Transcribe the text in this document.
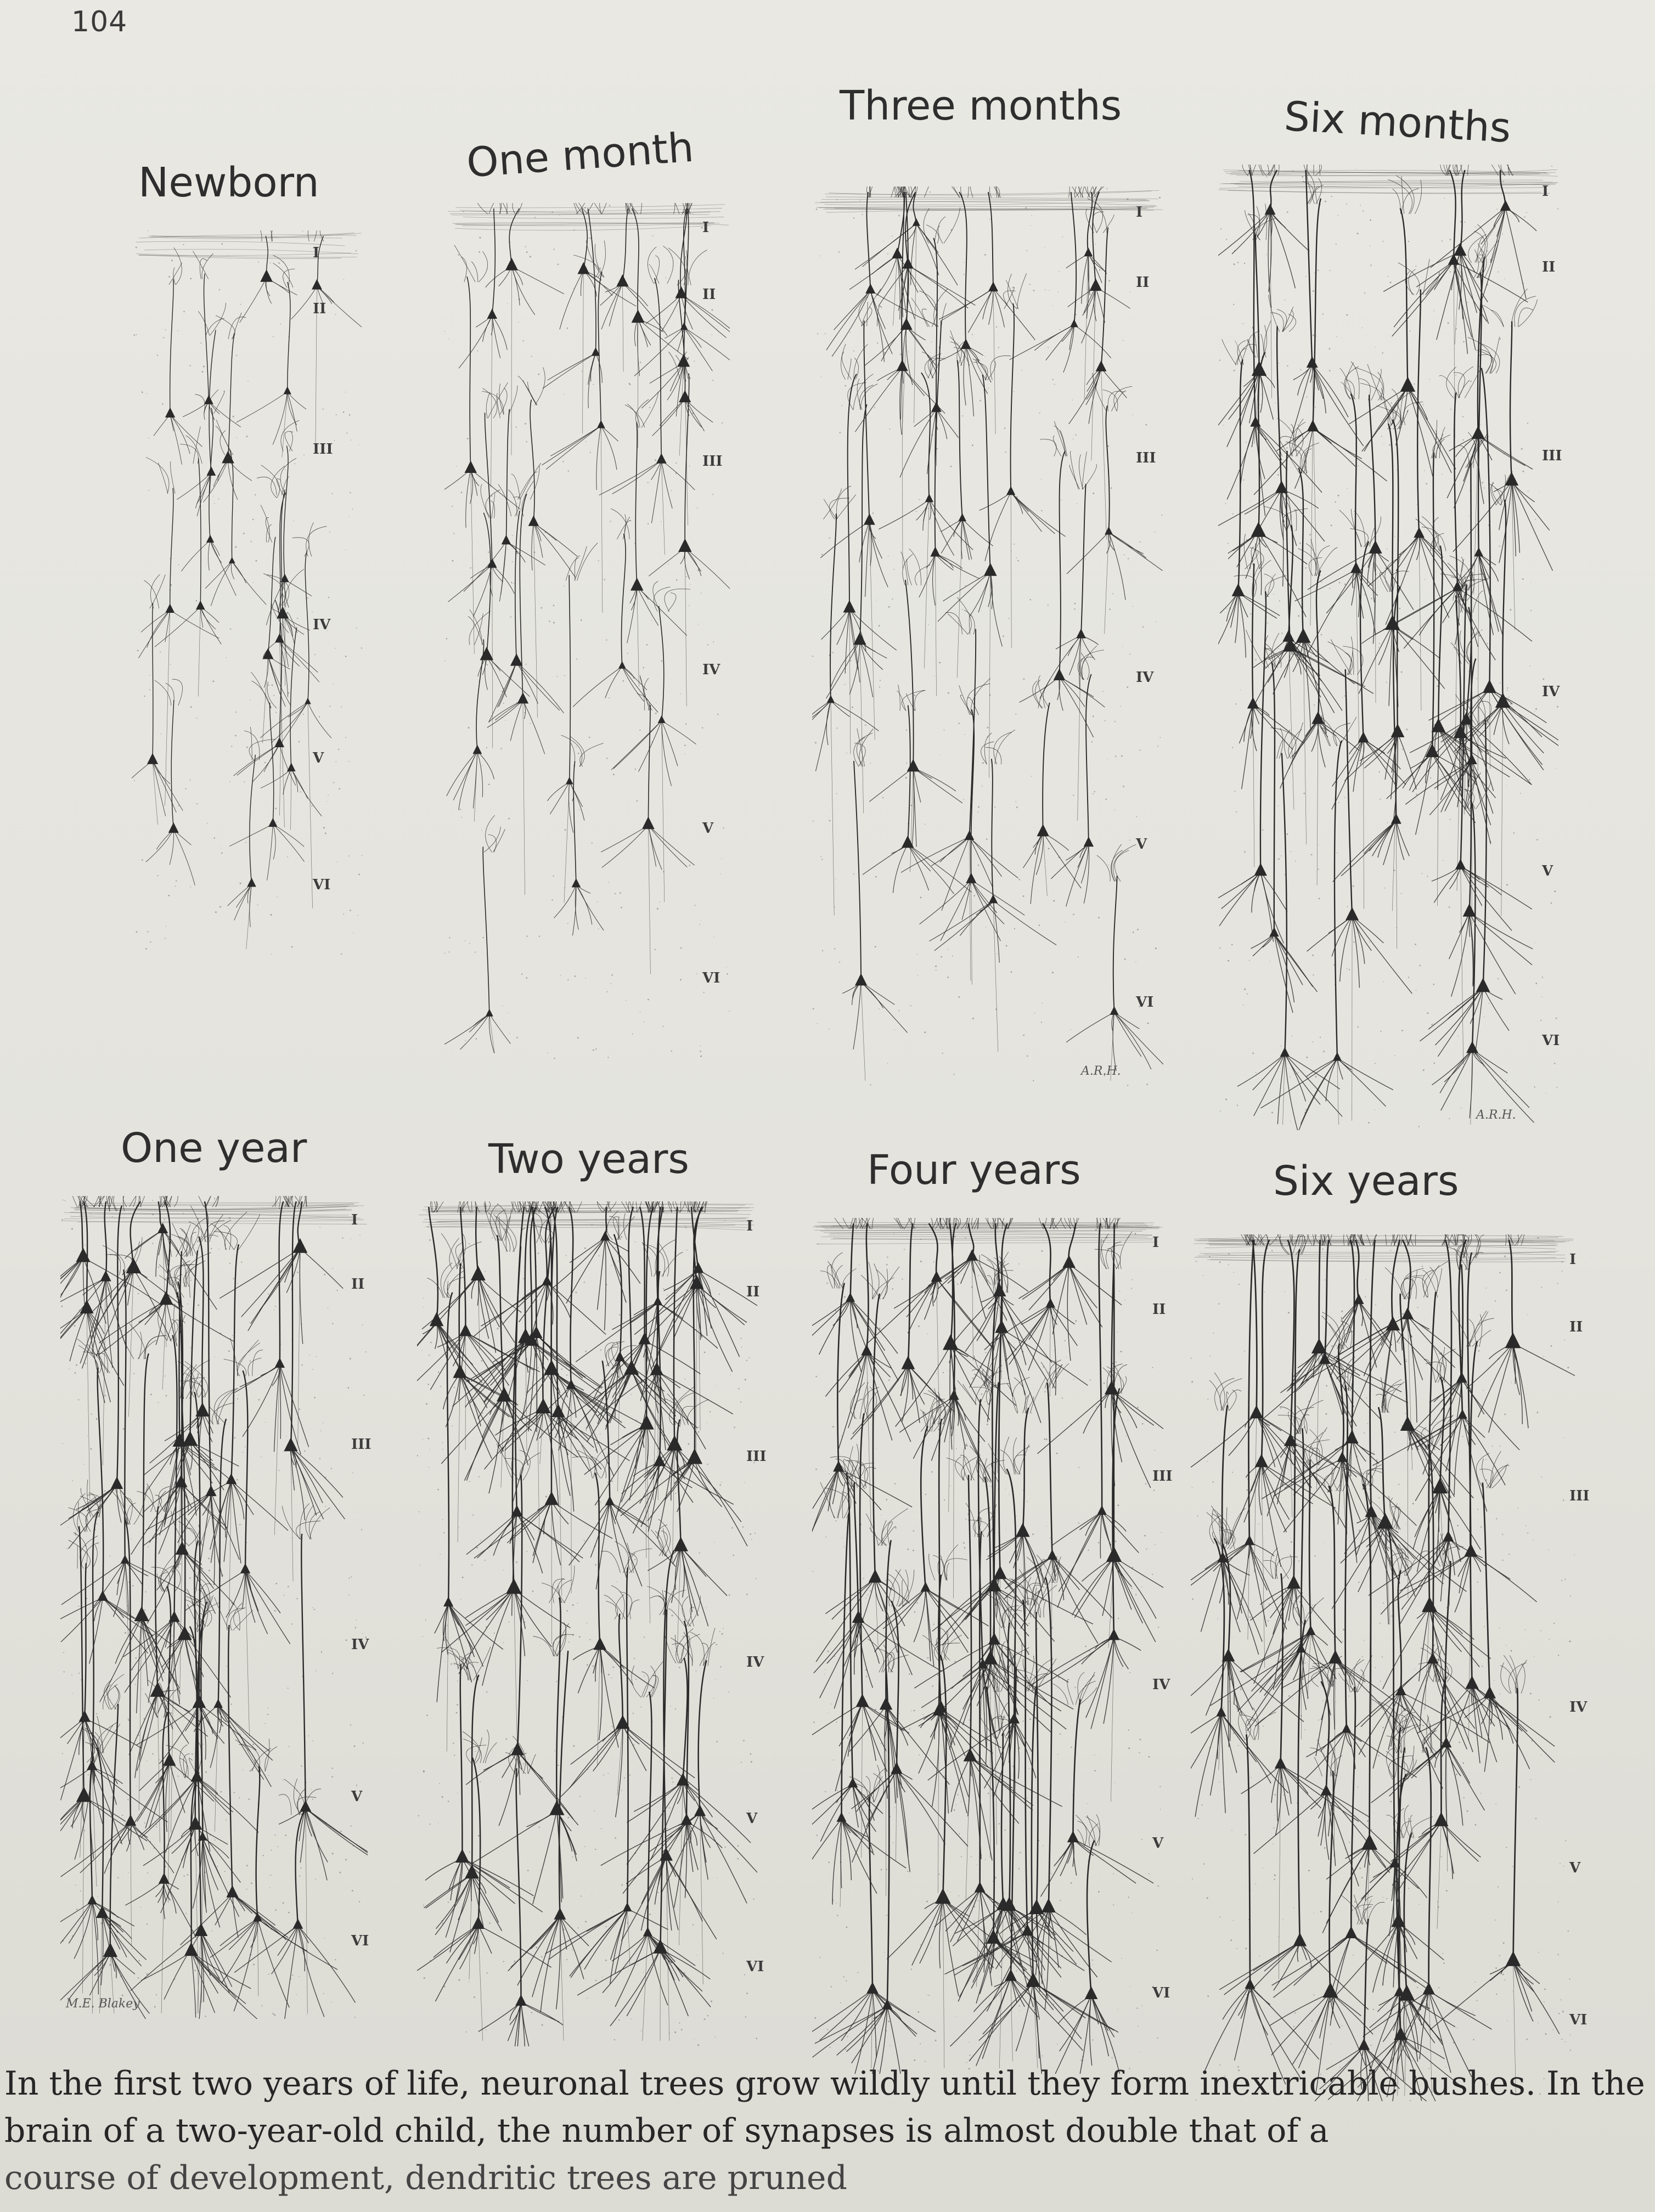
104
Newborn
I
II
III
IV
V
VI
One month
I
II
III
IV
V
VI
Three months
I
II
III
IV
V
VI
A.R.H.
Six months
I
II
III
IV
V
VI
A.R.H.
One year
I
II
III
IV
V
VI
M.E. Blakey
Two years
I
II
III
IV
V
VI
Four years
I
II
III
IV
V
VI
Six years
I
II
III
IV
V
VI
In the first two years of life, neuronal trees grow wildly until they form inextricable bushes. In the
brain of a two-year-old child, the number of synapses is almost double that of a
course of development, dendritic trees are pruned
